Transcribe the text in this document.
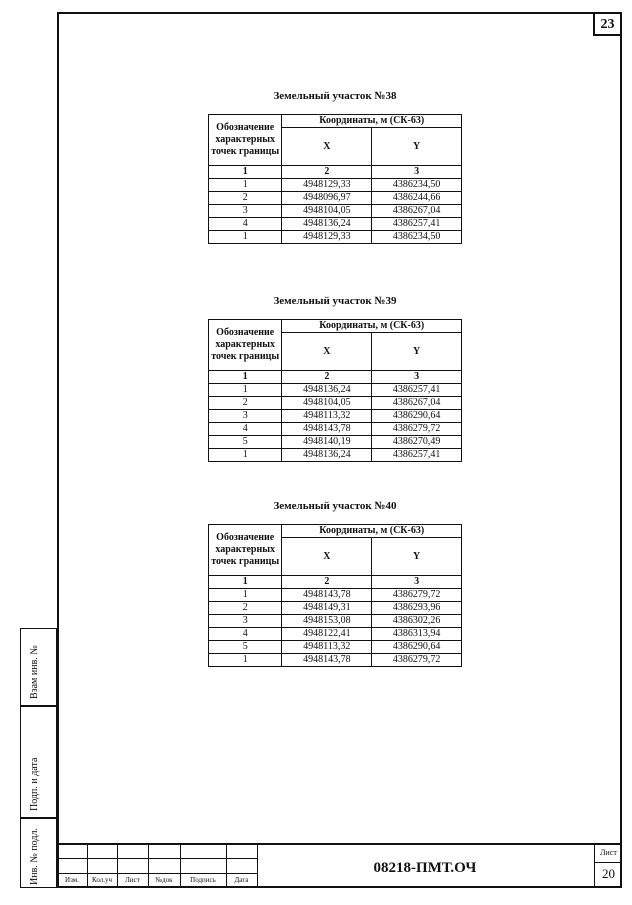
23
Земельный участок №38
Обозначение характерных точек границы	Координаты, м (СК-63)	
	X	Y
1	2	3
1	4948129,33	4386234,50
2	4948096,97	4386244,66
3	4948104,05	4386267,04
4	4948136,24	4386257,41
1	4948129,33	4386234,50
Земельный участок №39
Обозначение характерных точек границы	Координаты, м (СК-63)	
	X	Y
1	2	3
1	4948136,24	4386257,41
2	4948104,05	4386267,04
3	4948113,32	4386290,64
4	4948143,78	4386279,72
5	4948140,19	4386270,49
1	4948136,24	4386257,41
Земельный участок №40
Обозначение характерных точек границы	Координаты, м (СК-63)	
	X	Y
1	2	3
1	4948143,78	4386279,72
2	4948149,31	4386293,96
3	4948153,08	4386302,26
4	4948122,41	4386313,94
5	4948113,32	4386290,64
1	4948143,78	4386279,72
Взам инв. №
Подп. и дата
Инв. № подл.	Изм.	Кол.уч	Лист	№док	Подпись	Дата
08218-ПМТ.ОЧ
Лист
20
